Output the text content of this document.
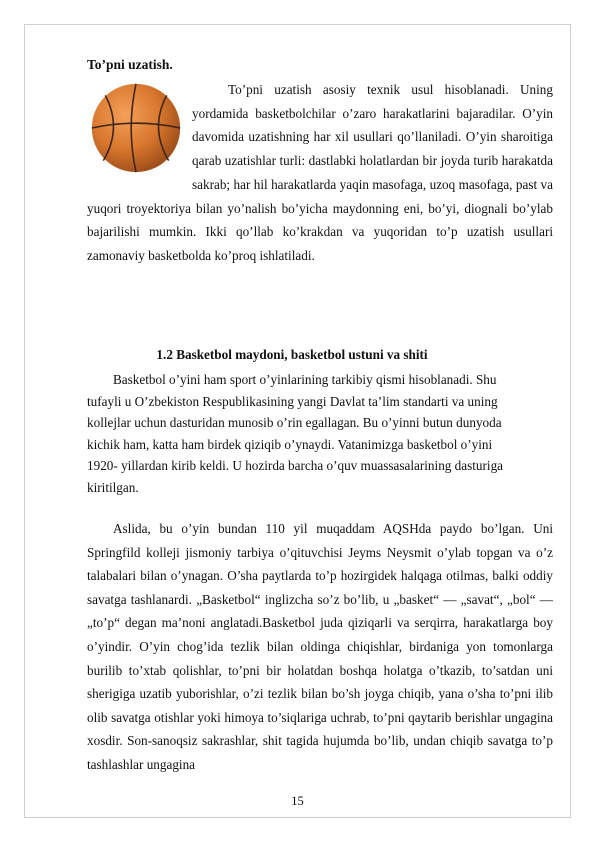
To’pni uzatish.
To’pni uzatish asosiy texnik usul hisoblanadi. Uning yordamida basketbolchilar o’zaro harakatlarini bajaradilar. O’yin davomida uzatishning har xil usullari qo’llaniladi. O’yin sharoitiga qarab uzatishlar turli: dastlabki holatlardan bir joyda turib harakatda sakrab; har hil harakatlarda yaqin masofaga, uzoq masofaga, past va yuqori troyektoriya bilan yo’nalish bo’yicha maydonning eni, bo’yi, diognali bo’ylab bajarilishi mumkin. Ikki qo’llab ko’krakdan va yuqoridan to’p uzatish usullari zamonaviy basketbolda ko’proq ishlatiladi.
1.2 Basketbol maydoni, basketbol ustuni va shiti
Basketbol o’yini ham sport o’yinlarining tarkibiy qismi hisoblanadi. Shu
tufayli u O’zbekiston Respublikasining yangi Davlat ta’lim standarti va uning
kollejlar uchun dasturidan munosib o’rin egallagan. Bu o’yinni butun dunyoda
kichik ham, katta ham birdek qiziqib o’ynaydi. Vatanimizga basketbol o’yini
1920- yillardan kirib keldi. U hozirda barcha o’quv muassasalarining dasturiga
kiritilgan.
Aslida, bu o’yin bundan 110 yil muqaddam AQSHda paydo bo’lgan. Uni Springfild kolleji jismoniy tarbiya o’qituvchisi Jeyms Neysmit o’ylab topgan va o’z talabalari bilan o’ynagan. O’sha paytlarda to’p hozirgidek halqaga otilmas, balki oddiy savatga tashlanardi. „Basketbol“ inglizcha so’z bo’lib, u „basket“ — „savat“, „bol“ — „to’p“ degan ma’noni anglatadi.Basketbol juda qiziqarli va serqirra, harakatlarga boy o’yindir. O’yin chog’ida tezlik bilan oldinga chiqishlar, birdaniga yon tomonlarga burilib to’xtab qolishlar, to’pni bir holatdan boshqa holatga o’tkazib, to’satdan uni sherigiga uzatib yuborishlar, o’zi tezlik bilan bo’sh joyga chiqib, yana o’sha to’pni ilib olib savatga otishlar yoki himoya to’siqlariga uchrab, to’pni qaytarib berishlar ungagina xosdir. Son-sanoqsiz sakrashlar, shit tagida hujumda bo’lib, undan chiqib savatga to’p tashlashlar ungagina
15
